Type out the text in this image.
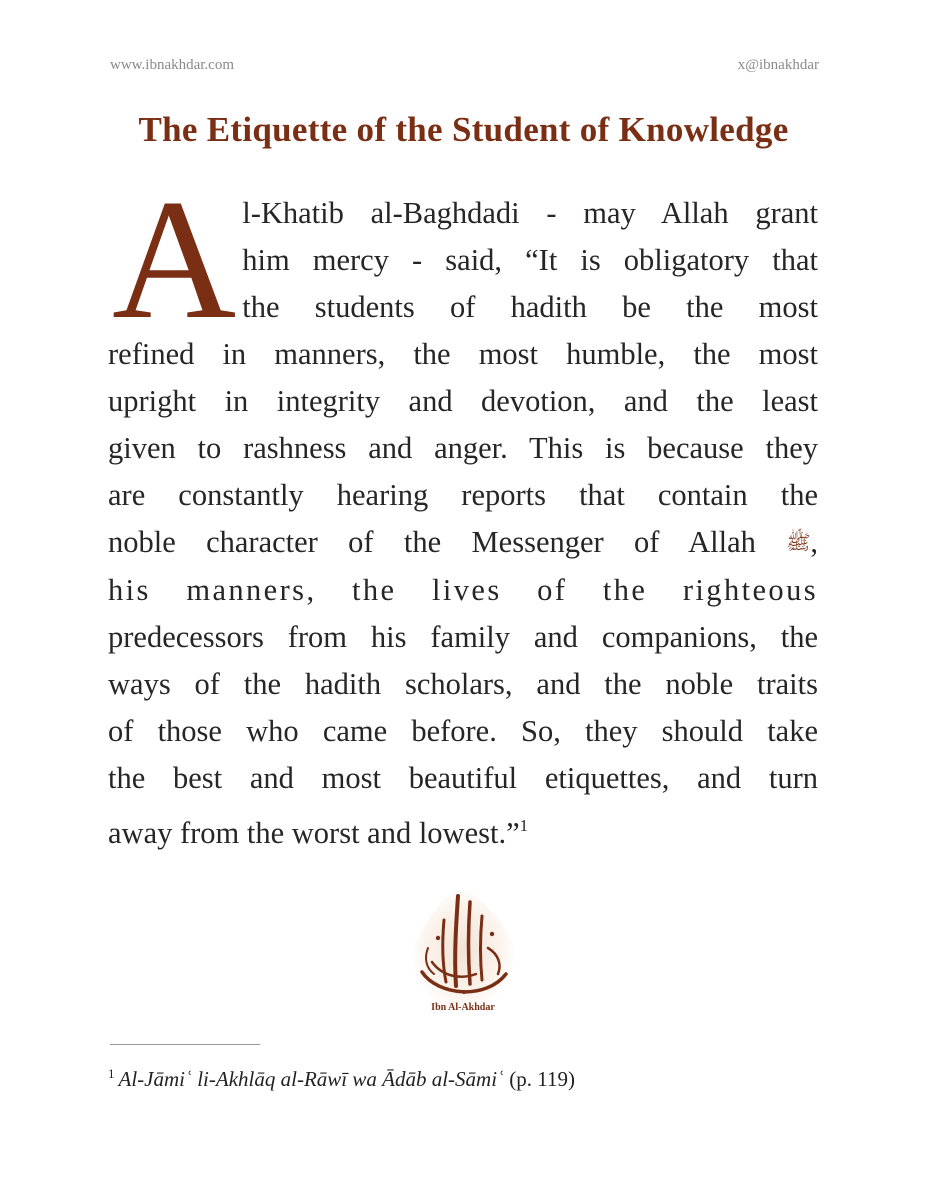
www.ibnakhdar.com	x@ibnakhdar
The Etiquette of the Student of Knowledge
A l-Khatib al-Baghdadi - may Allah grant
him mercy - said, “It is obligatory that
the students of hadith be the most
refined in manners, the most humble, the most
upright in integrity and devotion, and the least
given to rashness and anger. This is because they
are constantly hearing reports that contain the
noble character of the Messenger of Allah ﷺ,
his manners, the lives of the righteous
predecessors from his family and companions, the
ways of the hadith scholars, and the noble traits
of those who came before. So, they should take
the best and most beautiful etiquettes, and turn
away from the worst and lowest.”$^1$
Ibn Al-Akhdar
$^1$ Al-Jāmiʿ li-Akhlāq al-Rāwī wa Ādāb al-Sāmiʿ (p. 119)
